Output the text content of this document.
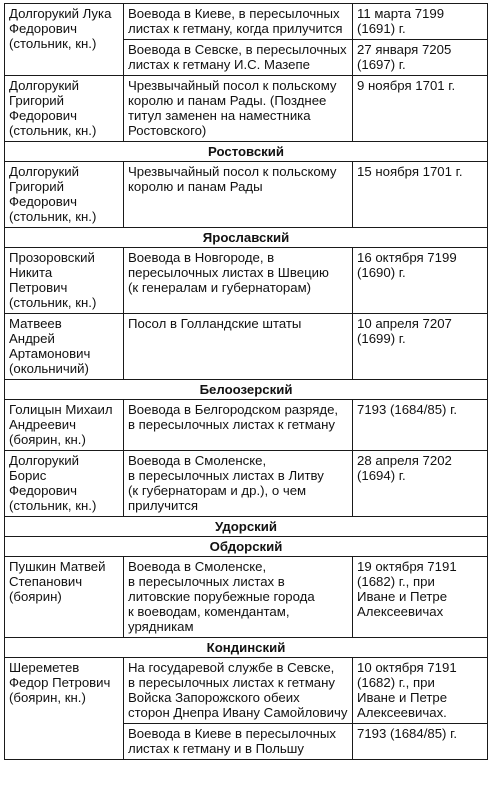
Долгорукий Лука
Федорович
(стольник, кн.)	Воевода в Киеве, в пересылочных
листах к гетману, когда прилучится	11 марта 7199
(1691) г.

	Воевода в Севске, в пересылочных
листах к гетману И.С. Мазепе	27 января 7205
(1697) г.

Долгорукий
Григорий
Федорович
(стольник, кн.)	Чрезвычайный посол к польскому
королю и панам Рады. (Позднее
титул заменен на наместника
Ростовского)	9 ноября 1701 г.

Ростовский		

Долгорукий
Григорий
Федорович
(стольник, кн.)	Чрезвычайный посол к польскому
королю и панам Рады	15 ноября 1701 г.

Ярославский		

Прозоровский
Никита
Петрович
(стольник, кн.)	Воевода в Новгороде, в
пересылочных листах в Швецию
(к генералам и губернаторам)	16 октября 7199
(1690) г.

Матвеев
Андрей
Артамонович
(окольничий)	Посол в Голландские штаты	10 апреля 7207
(1699) г.

Белоозерский		

Голицын Михаил
Андреевич
(боярин, кн.)	Воевода в Белгородском разряде,
в пересылочных листах к гетману	7193 (1684/85) г.

Долгорукий
Борис
Федорович
(стольник, кн.)	Воевода в Смоленске,
в пересылочных листах в Литву
(к губернаторам и др.), о чем
прилучится	28 апреля 7202
(1694) г.

Удорский		
Обдорский		

Пушкин Матвей
Степанович
(боярин)	Воевода в Смоленске,
в пересылочных листах в
литовские порубежные города
к воеводам, комендантам,
урядникам	19 октября 7191
(1682) г., при
Иване и Петре
Алексеевичах

Кондинский		

Шереметев
Федор Петрович
(боярин, кн.)	На государевой службе в Севске,
в пересылочных листах к гетману
Войска Запорожского обеих
сторон Днепра Ивану Самойловичу	10 октября 7191
(1682) г., при
Иване и Петре
Алексеевичах.

	Воевода в Киеве в пересылочных
листах к гетману и в Польшу	7193 (1684/85) г.
